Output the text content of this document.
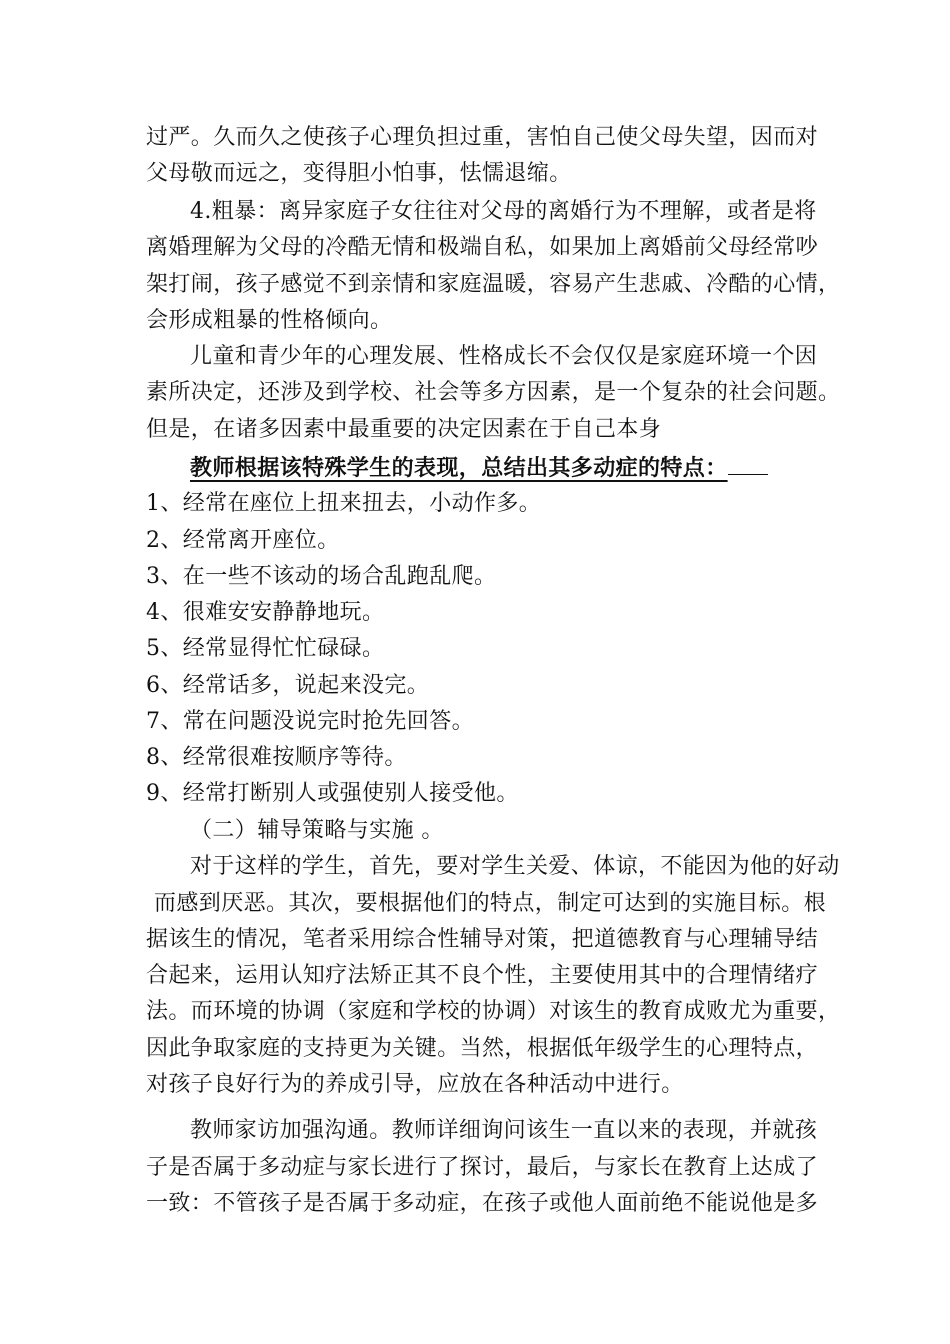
过严。久而久之使孩子心理负担过重，害怕自己使父母失望，因而对
父母敬而远之，变得胆小怕事，怯懦退缩。
4.粗暴：离异家庭子女往往对父母的离婚行为不理解，或者是将
离婚理解为父母的冷酷无情和极端自私，如果加上离婚前父母经常吵
架打闹，孩子感觉不到亲情和家庭温暖，容易产生悲戚、冷酷的心情，
会形成粗暴的性格倾向。
儿童和青少年的心理发展、性格成长不会仅仅是家庭环境一个因
素所决定，还涉及到学校、社会等多方因素，是一个复杂的社会问题。
但是，在诸多因素中最重要的决定因素在于自己本身
教师根据该特殊学生的表现，总结出其多动症的特点：
1、经常在座位上扭来扭去，小动作多。
2、经常离开座位。
3、在一些不该动的场合乱跑乱爬。
4、很难安安静静地玩。
5、经常显得忙忙碌碌。
6、经常话多，说起来没完。
7、常在问题没说完时抢先回答。
8、经常很难按顺序等待。
9、经常打断别人或强使别人接受他。
（二）辅导策略与实施 。
对于这样的学生，首先，要对学生关爱、体谅，不能因为他的好动
而感到厌恶。其次，要根据他们的特点，制定可达到的实施目标。根
据该生的情况，笔者采用综合性辅导对策，把道德教育与心理辅导结
合起来，运用认知疗法矫正其不良个性，主要使用其中的合理情绪疗
法。而环境的协调（家庭和学校的协调）对该生的教育成败尤为重要，
因此争取家庭的支持更为关键。当然，根据低年级学生的心理特点，
对孩子良好行为的养成引导，应放在各种活动中进行。
教师家访加强沟通。教师详细询问该生一直以来的表现，并就孩
子是否属于多动症与家长进行了探讨，最后，与家长在教育上达成了
一致：不管孩子是否属于多动症，在孩子或他人面前绝不能说他是多
